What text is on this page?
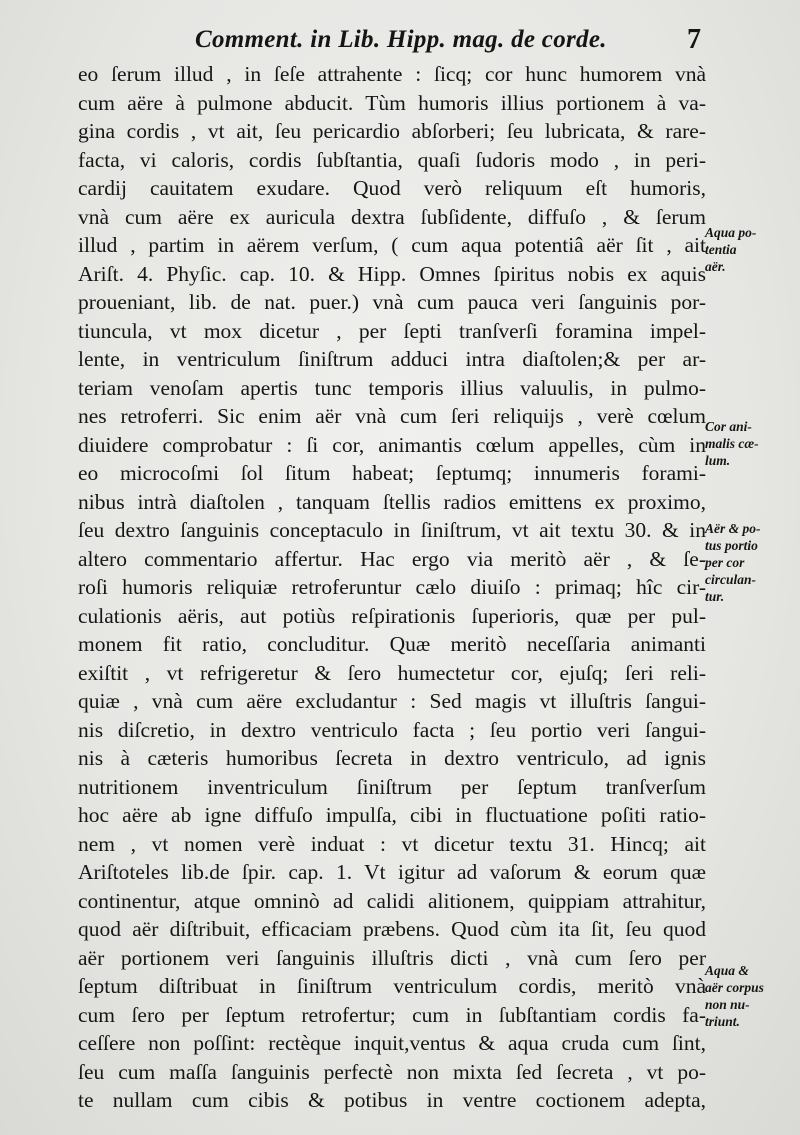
Comment. in Lib. Hipp. mag. de corde.	7
eo ſerum illud , in ſeſe attrahente : ſicq; cor hunc humorem vnà
cum aëre à pulmone abducit. Tùm humoris illius portionem à va-
gina cordis , vt ait, ſeu pericardio abſorberi; ſeu lubricata, & rare-
facta, vi caloris, cordis ſubſtantia, quaſi ſudoris modo , in peri-
cardij cauitatem exudare. Quod verò reliquum eſt humoris,
vnà cum aëre ex auricula dextra ſubſidente, diffuſo , & ſerum
illud , partim in aërem verſum, ( cum aqua potentiâ aër ſit , ait
Ariſt. 4. Phyſic. cap. 10. & Hipp. Omnes ſpiritus nobis ex aquis
proueniant, lib. de nat. puer.) vnà cum pauca veri ſanguinis por-
tiuncula, vt mox dicetur , per ſepti tranſverſi foramina impel-
lente, in ventriculum ſiniſtrum adduci intra diaſtolen;& per ar-
teriam venoſam apertis tunc temporis illius valuulis, in pulmo-
nes retroferri. Sic enim aër vnà cum ſeri reliquijs , verè cœlum
diuidere comprobatur : ſi cor, animantis cœlum appelles, cùm in
eo microcoſmi ſol ſitum habeat; ſeptumq; innumeris forami-
nibus intrà diaſtolen , tanquam ſtellis radios emittens ex proximo,
ſeu dextro ſanguinis conceptaculo in ſiniſtrum, vt ait textu 30. & in
altero commentario affertur. Hac ergo via meritò aër , & ſe-
roſi humoris reliquiæ retroferuntur cælo diuiſo : primaq; hîc cir-
culationis aëris, aut potiùs reſpirationis ſuperioris, quæ per pul-
monem fit ratio, concluditur. Quæ meritò neceſſaria animanti
exiſtit , vt refrigeretur & ſero humectetur cor, ejuſq; ſeri reli-
quiæ , vnà cum aëre excludantur : Sed magis vt illuſtris ſangui-
nis diſcretio, in dextro ventriculo facta ; ſeu portio veri ſangui-
nis à cæteris humoribus ſecreta in dextro ventriculo, ad ignis
nutritionem inventriculum ſiniſtrum per ſeptum tranſverſum
hoc aëre ab igne diffuſo impulſa, cibi in fluctuatione poſiti ratio-
nem , vt nomen verè induat : vt dicetur textu 31. Hincq; ait
Ariſtoteles lib.de ſpir. cap. 1. Vt igitur ad vaſorum & eorum quæ
continentur, atque omninò ad calidi alitionem, quippiam attrahitur,
quod aër diſtribuit, efficaciam præbens. Quod cùm ita ſit, ſeu quod
aër portionem veri ſanguinis illuſtris dicti , vnà cum ſero per
ſeptum diſtribuat in ſiniſtrum ventriculum cordis, meritò vnà
cum ſero per ſeptum retrofertur; cum in ſubſtantiam cordis fa-
ceſſere non poſſint: rectèque inquit,ventus & aqua cruda cum ſint,
ſeu cum maſſa ſanguinis perfectè non mixta ſed ſecreta , vt po-
te nullam cum cibis & potibus in ventre coctionem adepta,
Aqua po-
tentia
aër.
Cor ani-
malis cæ-
lum.
Aër & po-
tus portio
per cor
circulan-
tur.
Aqua &
aër corpus
non nu-
triunt.
